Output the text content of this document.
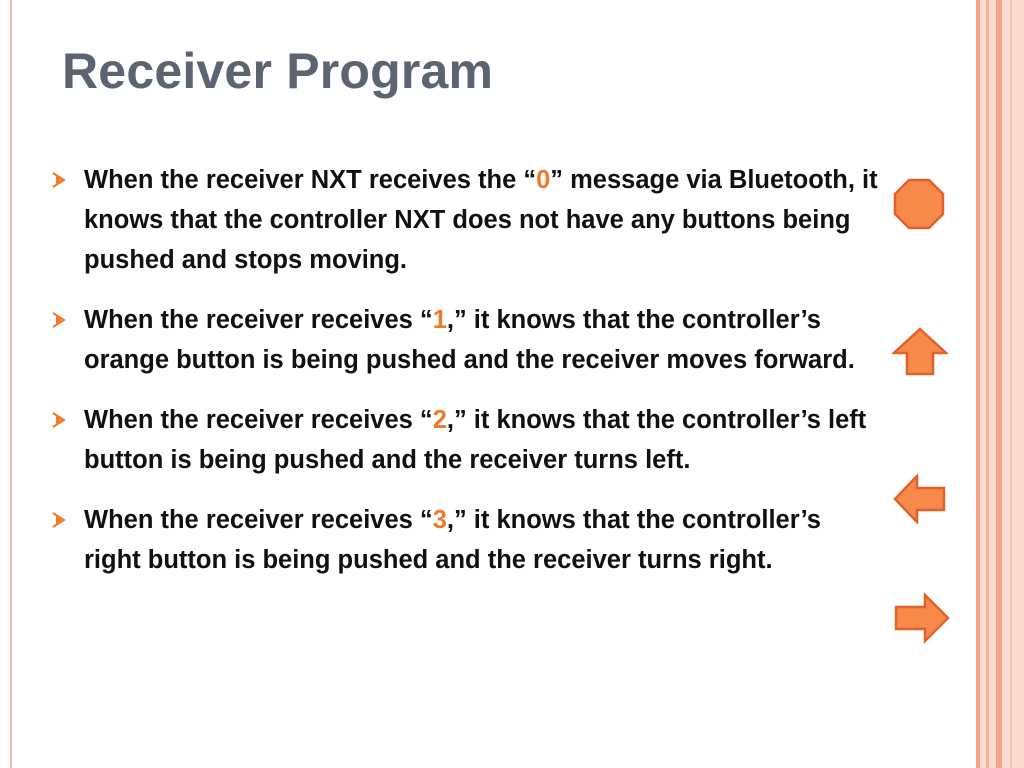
Receiver Program
When the receiver NXT receives the “0” message via Bluetooth, it knows that the controller NXT does not have any buttons being pushed and stops moving.
When the receiver receives “1,” it knows that the controller’s orange button is being pushed and the receiver moves forward.
When the receiver receives “2,” it knows that the controller’s left button is being pushed and the receiver turns left.
When the receiver receives “3,” it knows that the controller’s right button is being pushed and the receiver turns right.
